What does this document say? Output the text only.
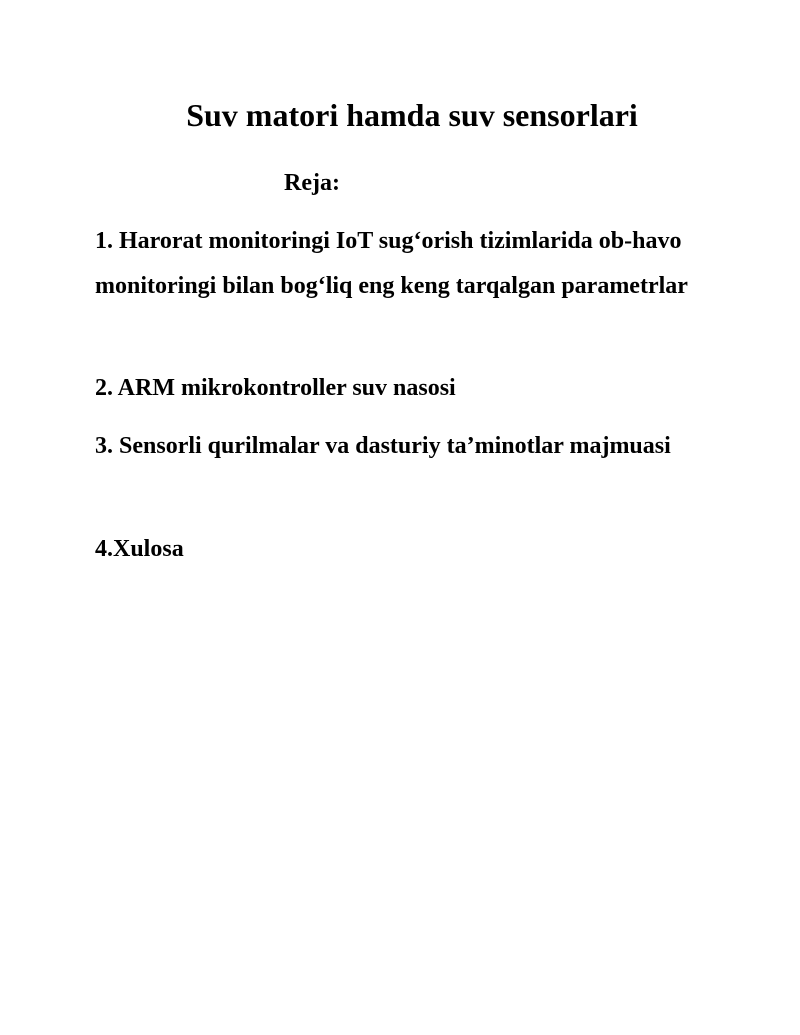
Suv matori hamda suv sensorlari
Reja:
1. Harorat monitoringi IoT sug‘orish tizimlarida ob-havo monitoringi bilan bog‘liq eng keng tarqalgan parametrlar
2. ARM mikrokontroller suv nasosi
3. Sensorli qurilmalar va dasturiy ta’minotlar majmuasi
4.Xulosa
